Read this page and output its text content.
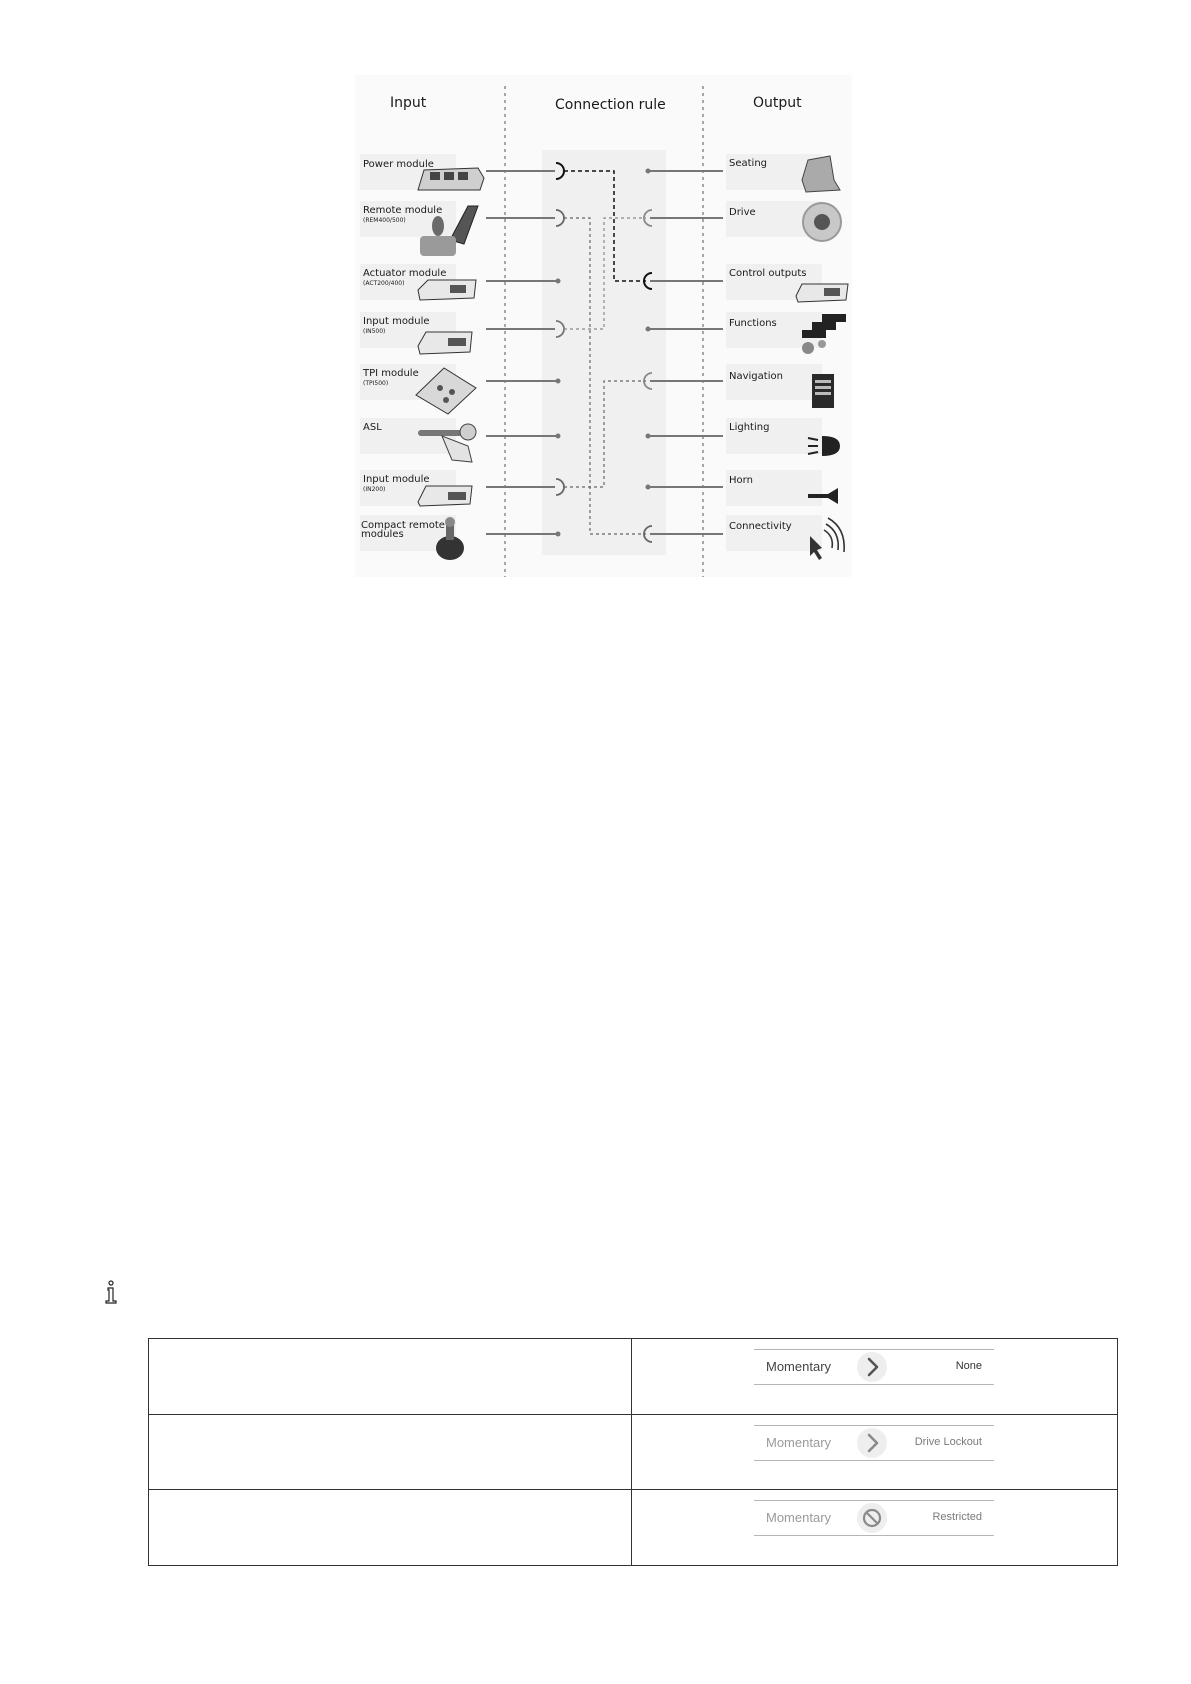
Input	Connection rule	Output
Power module
Remote module
(REM400/500)
Actuator module
(ACT200/400)
Input module
(IN500)
TPI module
(TPI500)
ASL
Input module
(IN200)
Compact remote
modules
Seating
Drive
Control outputs
Functions
Navigation
Lighting
Horn
Connectivity

	Momentary None

	Momentary Drive Lockout

	Momentary Restricted
